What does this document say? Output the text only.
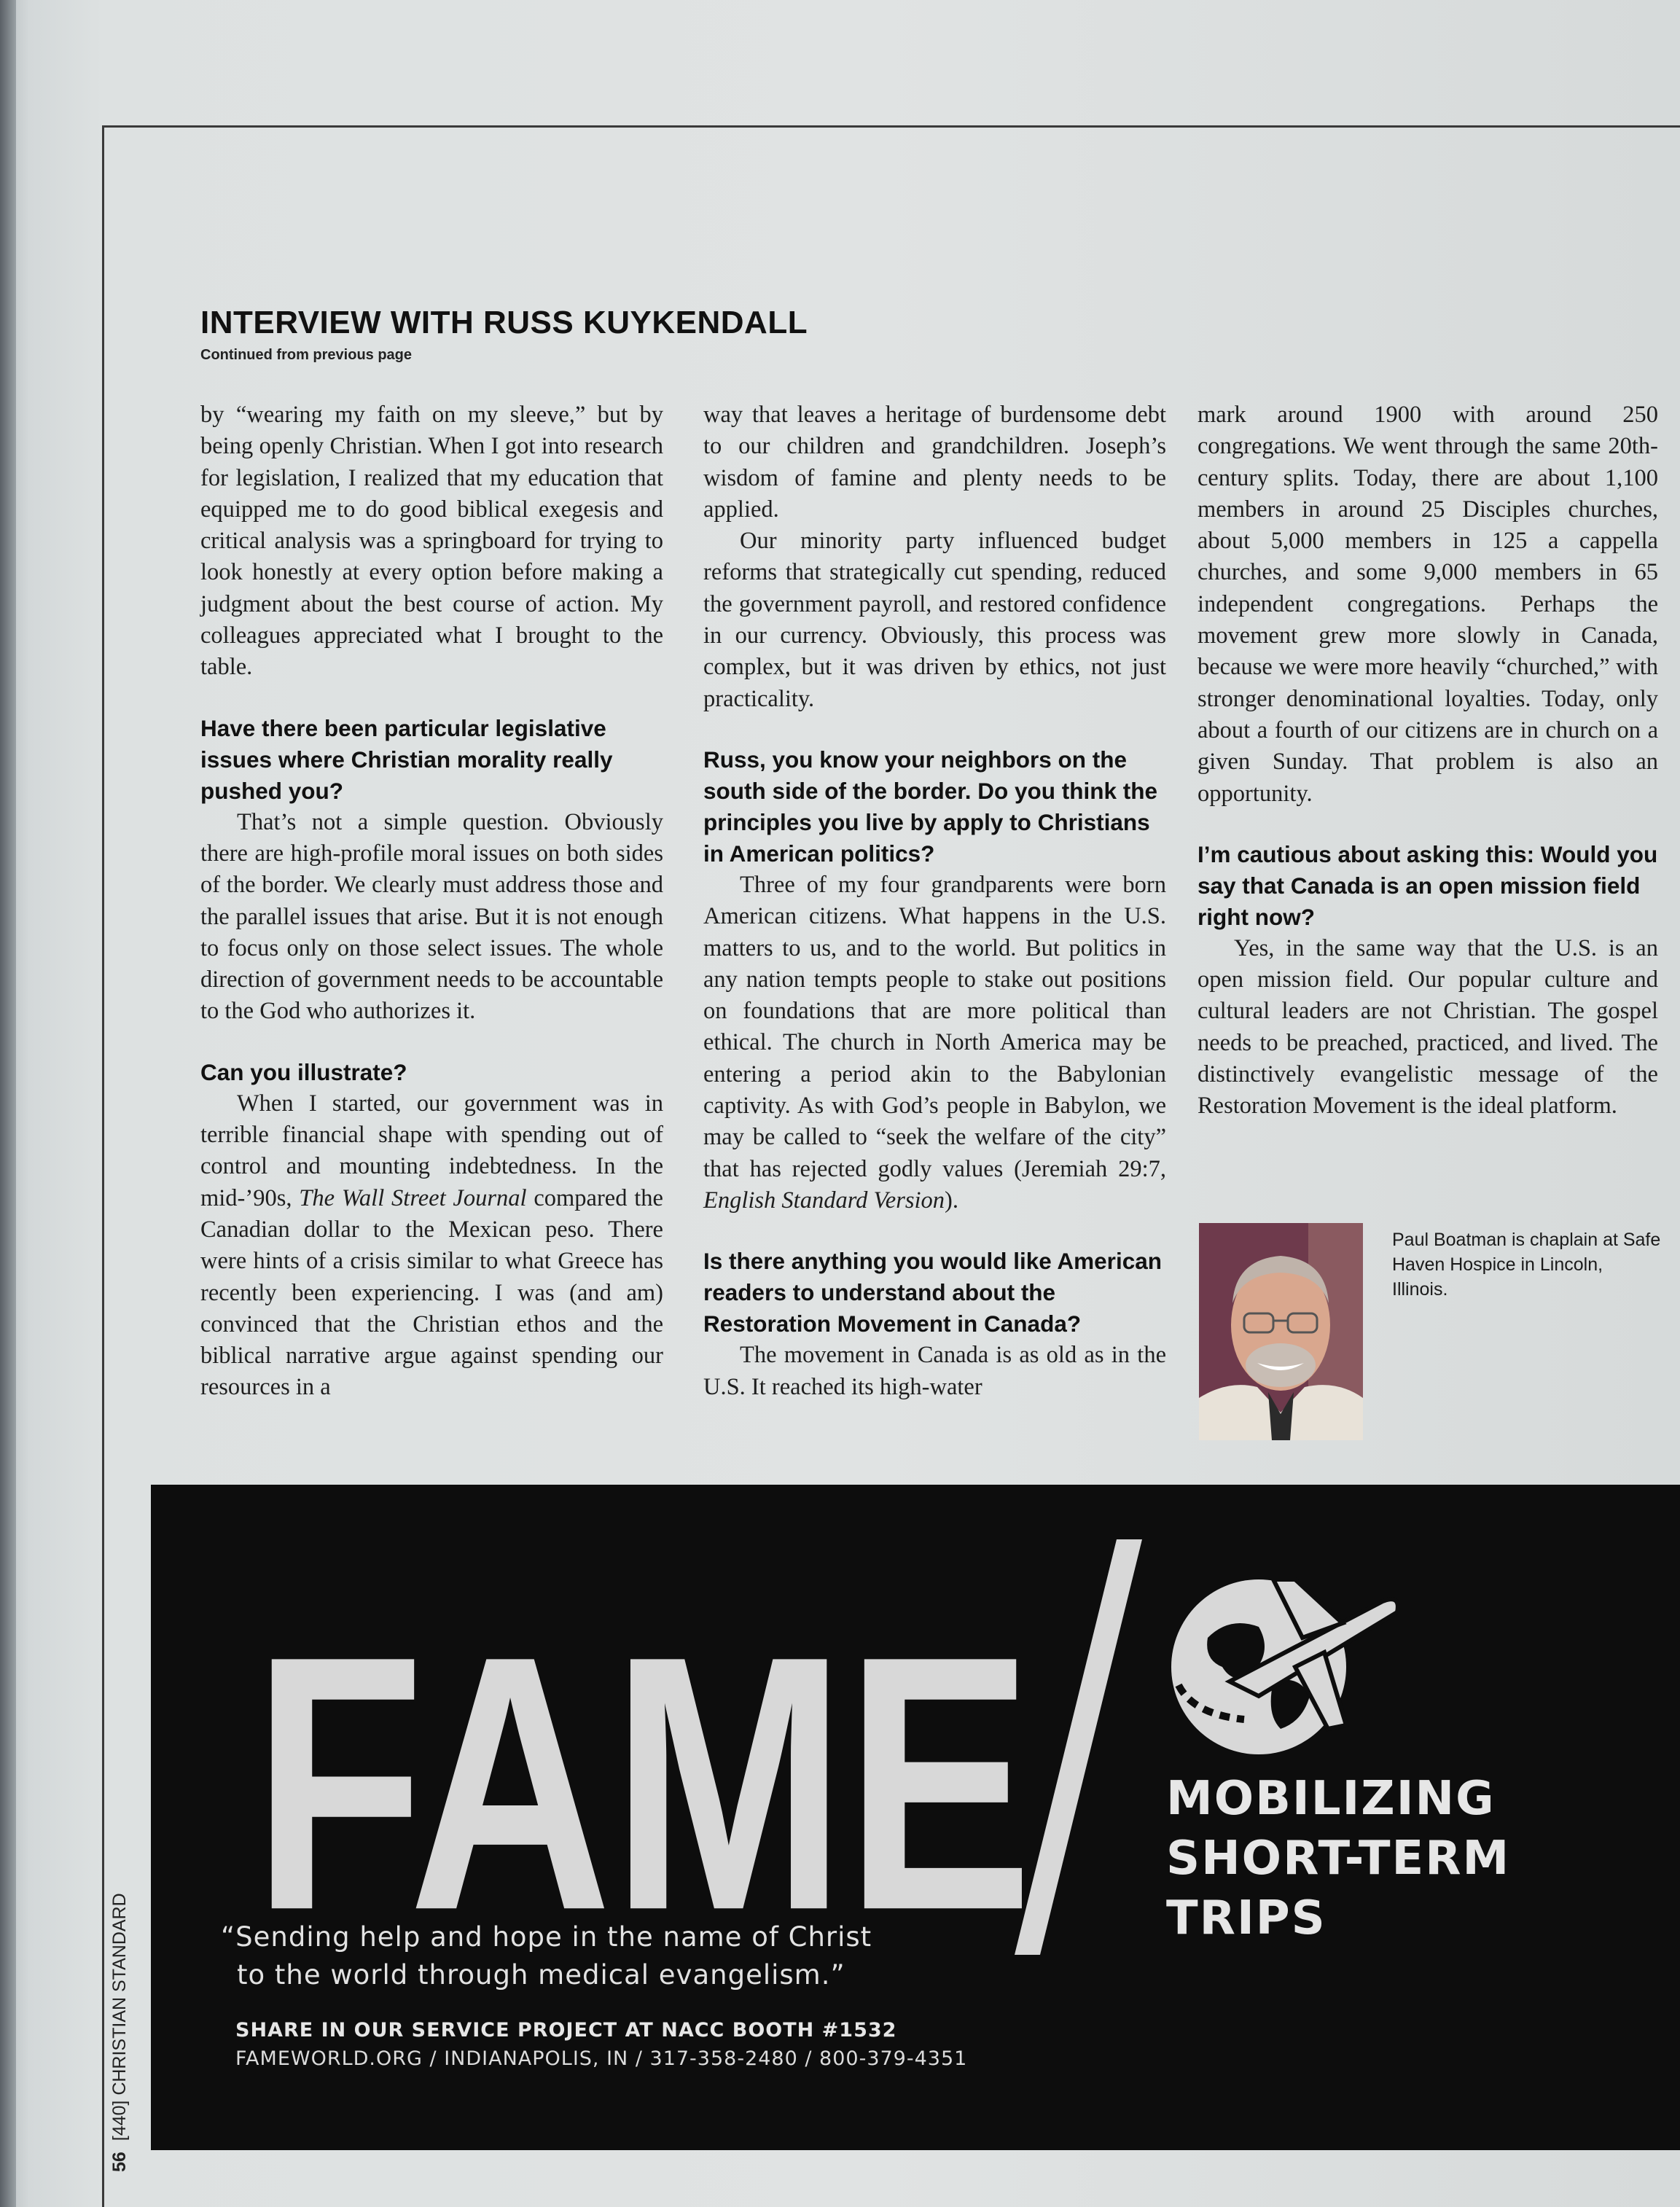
INTERVIEW WITH RUSS KUYKENDALL
Continued from previous page

by “wearing my faith on my sleeve,” but by being openly Christian. When I got into research for legislation, I realized that my education that equipped me to do good biblical exegesis and critical analysis was a springboard for trying to look honestly at every option before making a judgment about the best course of action. My colleagues appreciated what I brought to the table.

Have there been particular legislative issues where Christian morality really pushed you?

That’s not a simple question. Obviously there are high-profile moral issues on both sides of the border. We clearly must address those and the parallel issues that arise. But it is not enough to focus only on those select issues. The whole direction of government needs to be accountable to the God who authorizes it.

Can you illustrate?

When I started, our government was in terrible financial shape with spending out of control and mounting indebtedness. In the mid-’90s, The Wall Street Journal compared the Canadian dollar to the Mexican peso. There were hints of a crisis similar to what Greece has recently been experiencing. I was (and am) convinced that the Christian ethos and the biblical narrative argue against spending our resources in a

way that leaves a heritage of burdensome debt to our children and grandchildren. Joseph’s wisdom of famine and plenty needs to be applied.

Our minority party influenced budget reforms that strategically cut spending, reduced the government payroll, and restored confidence in our currency. Obviously, this process was complex, but it was driven by ethics, not just practicality.

Russ, you know your neighbors on the south side of the border. Do you think the principles you live by apply to Christians in American politics?

Three of my four grandparents were born American citizens. What happens in the U.S. matters to us, and to the world. But politics in any nation tempts people to stake out positions on foundations that are more political than ethical. The church in North America may be entering a period akin to the Babylonian captivity. As with God’s people in Babylon, we may be called to “seek the welfare of the city” that has rejected godly values (Jeremiah 29:7, English Standard Version).

Is there anything you would like American readers to understand about the Restoration Movement in Canada?

The movement in Canada is as old as in the U.S. It reached its high-water

mark around 1900 with around 250 congregations. We went through the same 20th-century splits. Today, there are about 1,100 members in around 25 Disciples churches, about 5,000 members in 125 a cappella churches, and some 9,000 members in 65 independent congregations. Perhaps the movement grew more slowly in Canada, because we were more heavily “churched,” with stronger denominational loyalties. Today, only about a fourth of our citizens are in church on a given Sunday. That problem is also an opportunity.

I’m cautious about asking this: Would you say that Canada is an open mission field right now?

Yes, in the same way that the U.S. is an open mission field. Our popular culture and cultural leaders are not Christian. The gospel needs to be preached, practiced, and lived. The distinctively evangelistic message of the Restoration Movement is the ideal platform.

Paul Boatman is chaplain at Safe Haven Hospice in Lincoln, Illinois.
FAME	MOBILIZING
SHORT-TERM
TRIPS
“Sending help and hope in the name of Christ
to the world through medical evangelism.”
SHARE IN OUR SERVICE PROJECT AT NACC BOOTH #1532
FAMEWORLD.ORG / INDIANAPOLIS, IN / 317-358-2480 / 800-379-4351
56 [440] CHRISTIAN STANDARD
